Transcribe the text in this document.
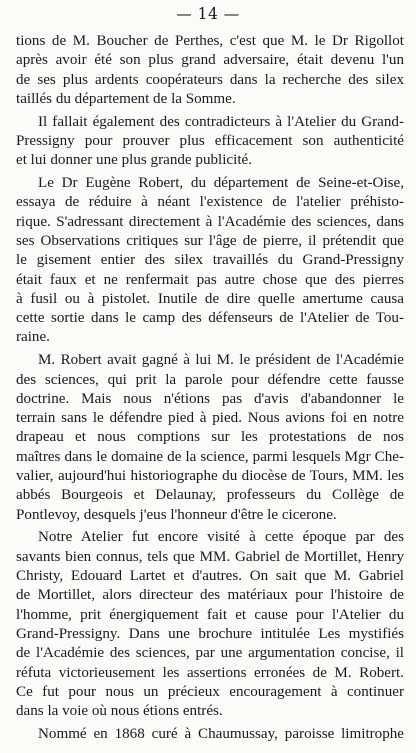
— 14 —
tions de M. Boucher de Perthes, c'est que M. le Dr Rigollot
après avoir été son plus grand adversaire, était devenu l'un
de ses plus ardents coopérateurs dans la recherche des silex
taillés du département de la Somme.
Il fallait également des contradicteurs à l'Atelier du Grand-
Pressigny pour prouver plus efficacement son authenticité
et lui donner une plus grande publicité.
Le Dr Eugène Robert, du département de Seine-et-Oise,
essaya de réduire à néant l'existence de l'atelier préhisto-
rique. S'adressant directement à l'Académie des sciences, dans
ses Observations critiques sur l'âge de pierre, il prétendit que
le gisement entier des silex travaillés du Grand-Pressigny
était faux et ne renfermait pas autre chose que des pierres
à fusil ou à pistolet. Inutile de dire quelle amertume causa
cette sortie dans le camp des défenseurs de l'Atelier de Tou-
raine.
M. Robert avait gagné à lui M. le président de l'Académie
des sciences, qui prit la parole pour défendre cette fausse
doctrine. Mais nous n'étions pas d'avis d'abandonner le
terrain sans le défendre pied à pied. Nous avions foi en notre
drapeau et nous comptions sur les protestations de nos
maîtres dans le domaine de la science, parmi lesquels Mgr Che-
valier, aujourd'hui historiographe du diocèse de Tours, MM. les
abbés Bourgeois et Delaunay, professeurs du Collège de
Pontlevoy, desquels j'eus l'honneur d'être le cicerone.
Notre Atelier fut encore visité à cette époque par des
savants bien connus, tels que MM. Gabriel de Mortillet, Henry
Christy, Edouard Lartet et d'autres. On sait que M. Gabriel
de Mortillet, alors directeur des matériaux pour l'histoire de
l'homme, prit énergiquement fait et cause pour l'Atelier du
Grand-Pressigny. Dans une brochure intitulée Les mystifiés
de l'Académie des sciences, par une argumentation concise, il
réfuta victorieusement les assertions erronées de M. Robert.
Ce fut pour nous un précieux encouragement à continuer
dans la voie où nous étions entrés.
Nommé en 1868 curé à Chaumussay, paroisse limitrophe
